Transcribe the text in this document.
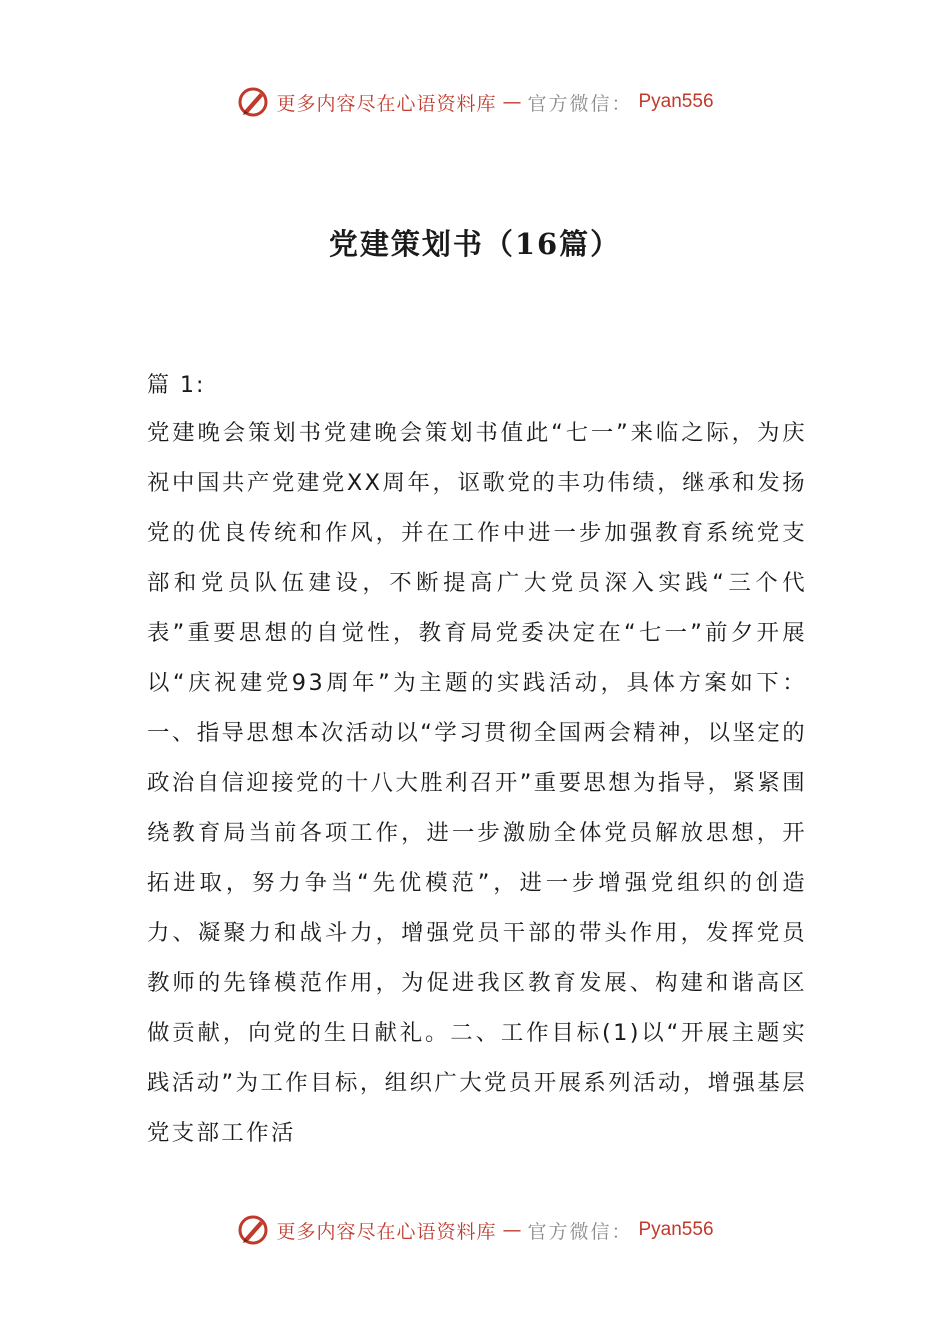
更多内容尽在心语资料库 — 官方微信： Pyan556
党建策划书（16篇）
篇 1:

党建晚会策划书党建晚会策划书值此“七一”来临之际，为庆祝中国共产党建党XX周年，讴歌党的丰功伟绩，继承和发扬党的优良传统和作风，并在工作中进一步加强教育系统党支部和党员队伍建设，不断提高广大党员深入实践“三个代表”重要思想的自觉性，教育局党委决定在“七一”前夕开展以“庆祝建党93周年”为主题的实践活动，具体方案如下：一、指导思想本次活动以“学习贯彻全国两会精神，以坚定的政治自信迎接党的十八大胜利召开”重要思想为指导，紧紧围绕教育局当前各项工作，进一步激励全体党员解放思想，开拓进取，努力争当“先优模范”，进一步增强党组织的创造力、凝聚力和战斗力，增强党员干部的带头作用，发挥党员教师的先锋模范作用，为促进我区教育发展、构建和谐高区做贡献，向党的生日献礼。二、工作目标(1)以“开展主题实践活动”为工作目标，组织广大党员开展系列活动，增强基层党支部工作活

更多内容尽在心语资料库 — 官方微信： Pyan556
